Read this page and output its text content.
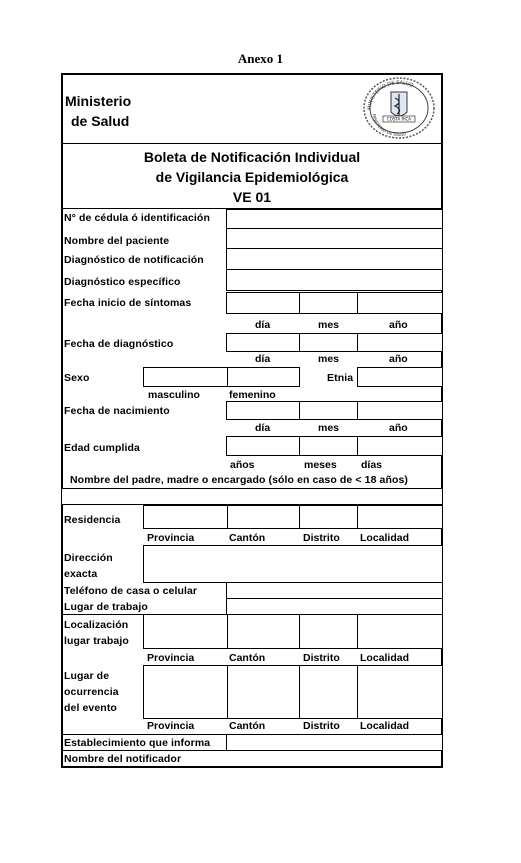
Anexo 1
Ministerio
de Salud
MINISTERIO DE SALUD
MINISTERIO DE SALUD
COSTA RICA
Boleta de Notificación Individual
de Vigilancia Epidemiológica
VE 01
N° de cédula ó identificación
Nombre del paciente
Diagnóstico de notificación
Diagnóstico específico
Fecha inicio de síntomas
día	mes	año
Fecha de diagnóstico
día	mes	año
Sexo	Etnia
masculino	femenino
Fecha de nacimiento
día	mes	año
Edad cumplida
años	meses días
Nombre del padre, madre o encargado (sólo en caso de < 18 años)
Residencia
Provincia	Cantón	Distrito Localidad
Dirección
exacta
Teléfono de casa o celular
Lugar de trabajo
Localización
lugar trabajo
Provincia	Cantón	Distrito Localidad
Lugar de
ocurrencia
del evento
Provincia	Cantón	Distrito Localidad
Establecimiento que informa
Nombre del notificador
